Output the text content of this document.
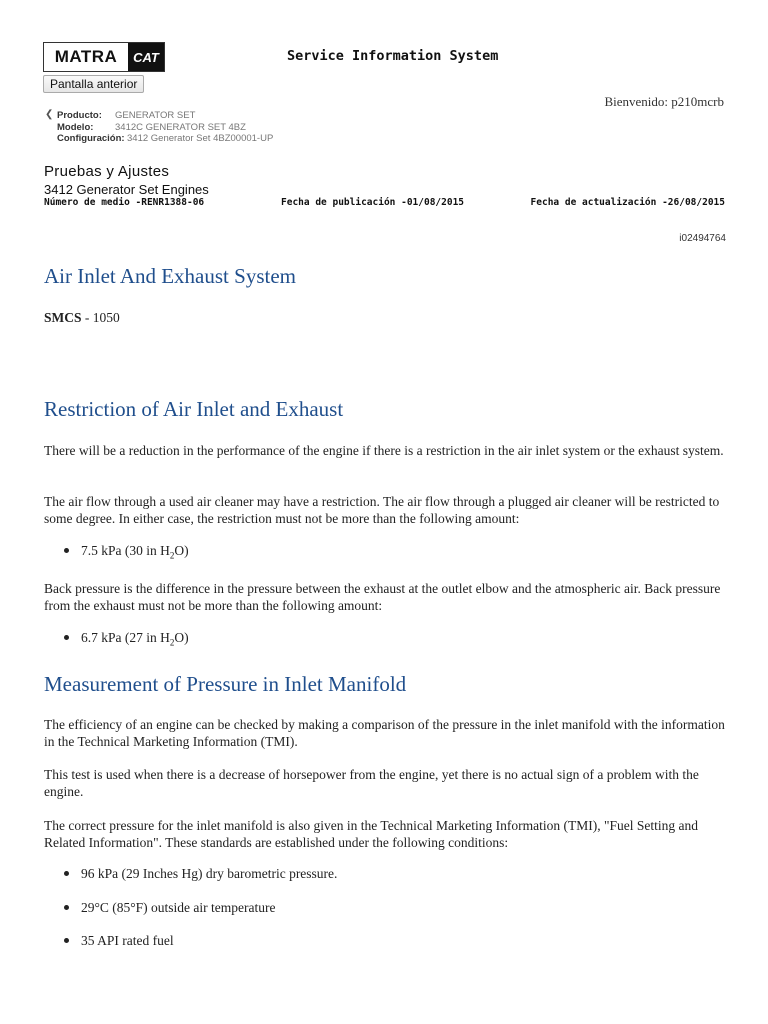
MATRA	CAT
Pantalla anterior
Service Information System
Bienvenido: p210mcrb
❮ Producto:	GENERATOR SET
Modelo:	3412C GENERATOR SET 4BZ
Configuración: 3412 Generator Set 4BZ00001-UP
Pruebas y Ajustes
3412 Generator Set Engines
Número de medio -RENR1388-06	Fecha de publicación -01/08/2015	Fecha de actualización -26/08/2015
i02494764
Air Inlet And Exhaust System

SMCS - 1050

Restriction of Air Inlet and Exhaust

There will be a reduction in the performance of the engine if there is a restriction in the air inlet system or the exhaust system.

The air flow through a used air cleaner may have a restriction. The air flow through a plugged air cleaner will be restricted to some degree. In either case, the restriction must not be more than the following amount:

7.5 kPa (30 in $H_2O$)

Back pressure is the difference in the pressure between the exhaust at the outlet elbow and the atmospheric air. Back pressure from the exhaust must not be more than the following amount:

6.7 kPa (27 in $H_2O$)
Measurement of Pressure in Inlet Manifold

The efficiency of an engine can be checked by making a comparison of the pressure in the inlet manifold with the information in the Technical Marketing Information (TMI).

This test is used when there is a decrease of horsepower from the engine, yet there is no actual sign of a problem with the engine.

The correct pressure for the inlet manifold is also given in the Technical Marketing Information (TMI), "Fuel Setting and Related Information". These standards are established under the following conditions:

96 kPa (29 Inches Hg) dry barometric pressure.
29°C (85°F) outside air temperature
35 API rated fuel
